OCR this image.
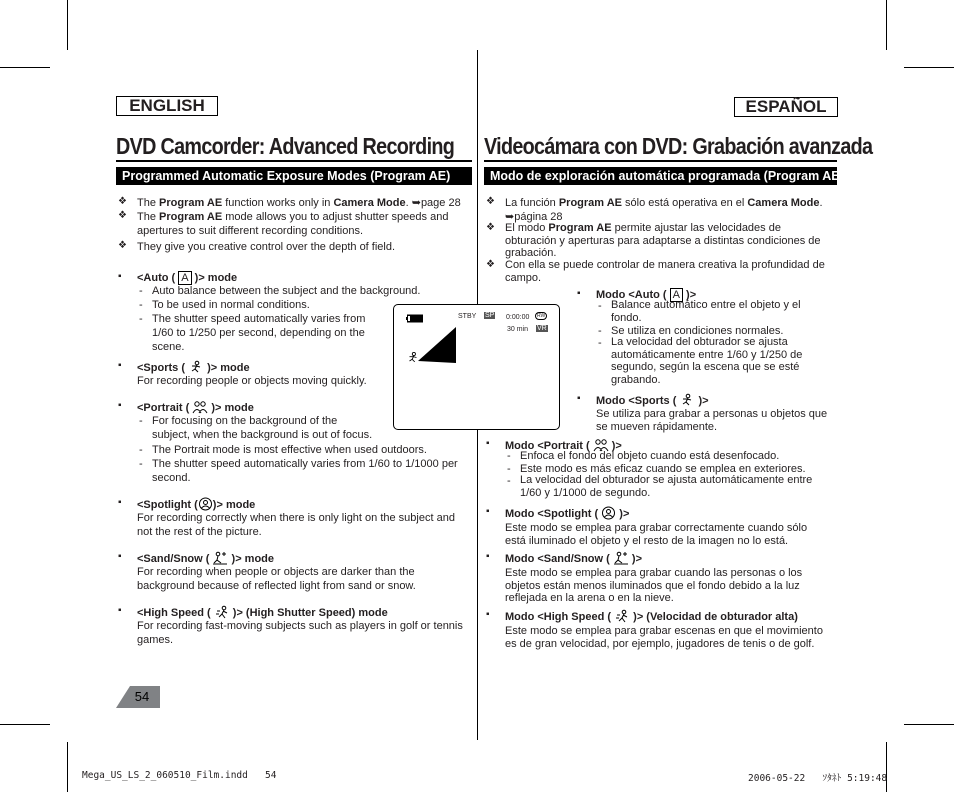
ENGLISH	ESPAÑOL
DVD Camcorder: Advanced Recording Videocámara con DVD: Grabación avanzada
Programmed Automatic Exposure Modes (Program AE)	Modo de exploración automática programada (Program AE)
❖ The Program AE function works only in Camera Mode. ➥page 28
❖ The Program AE mode allows you to adjust shutter speeds and
apertures to suit different recording conditions.
❖ They give you creative control over the depth of field.
▪ <Auto ( A )> mode
- Auto balance between the subject and the background.
- To be used in normal conditions.
- The shutter speed automatically varies from
1/60 to 1/250 per second, depending on the
scene.
▪ <Sports (  )> mode
For recording people or objects moving quickly.
▪ <Portrait (  )> mode
- For focusing on the background of the
subject, when the background is out of focus.
- The Portrait mode is most effective when used outdoors.
- The shutter speed automatically varies from 1/60 to 1/1000 per
second.
▪ <Spotlight ( )> mode
For recording correctly when there is only light on the subject and
not the rest of the picture.
▪ <Sand/Snow (  )> mode
For recording when people or objects are darker than the
background because of reflected light from sand or snow.
▪ <High Speed (  )> (High Shutter Speed) mode
For recording fast-moving subjects such as players in golf or tennis
games.
STBY SP 0:00:00	RW
30 min VR
❖ La función Program AE sólo está operativa en el Camera Mode.
➥página 28
❖ El modo Program AE permite ajustar las velocidades de
obturación y aperturas para adaptarse a distintas condiciones de
grabación.
❖ Con ella se puede controlar de manera creativa la profundidad de
campo.
▪ Modo <Auto ( A )>
- Balance automático entre el objeto y el
fondo.
- Se utiliza en condiciones normales.
- La velocidad del obturador se ajusta
automáticamente entre 1/60 y 1/250 de
segundo, según la escena que se esté
grabando.
▪ Modo <Sports (  )>
Se utiliza para grabar a personas u objetos que
se mueven rápidamente.
▪ Modo <Portrait (  )>
- Enfoca el fondo del objeto cuando está desenfocado.
- Este modo es más eficaz cuando se emplea en exteriores.
- La velocidad del obturador se ajusta automáticamente entre
1/60 y 1/1000 de segundo.
▪ Modo <Spotlight (  )>
Este modo se emplea para grabar correctamente cuando sólo
está iluminado el objeto y el resto de la imagen no lo está.
▪ Modo <Sand/Snow (  )>
Este modo se emplea para grabar cuando las personas o los
objetos están menos iluminados que el fondo debido a la luz
reflejada en la arena o en la nieve.
▪ Modo <High Speed (  )> (Velocidad de obturador alta)
Este modo se emplea para grabar escenas en que el movimiento
es de gran velocidad, por ejemplo, jugadores de tenis o de golf.
54
Mega_US_LS_2_060510_Film.indd   54	2006-05-22   ｿﾀﾈﾄ 5:19:48
